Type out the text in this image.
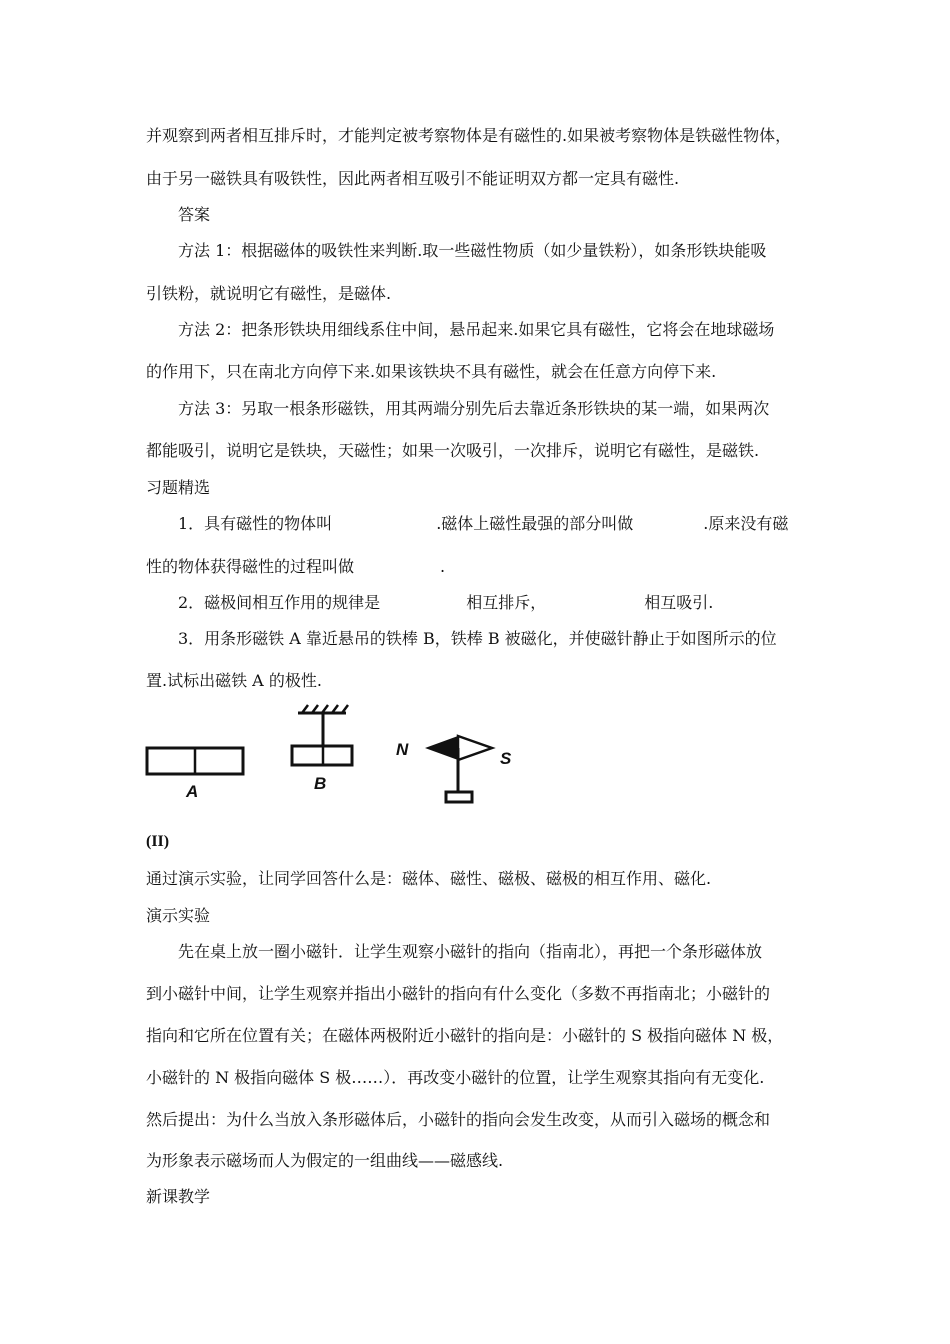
并观察到两者相互排斥时，才能判定被考察物体是有磁性的.如果被考察物体是铁磁性物体，

由于另一磁铁具有吸铁性，因此两者相互吸引不能证明双方都一定具有磁性.

答案

方法 1：根据磁体的吸铁性来判断.取一些磁性物质（如少量铁粉），如条形铁块能吸

引铁粉，就说明它有磁性，是磁体.

方法 2：把条形铁块用细线系住中间，悬吊起来.如果它具有磁性，它将会在地球磁场

的作用下，只在南北方向停下来.如果该铁块不具有磁性，就会在任意方向停下来.

方法 3：另取一根条形磁铁，用其两端分别先后去靠近条形铁块的某一端，如果两次

都能吸引，说明它是铁块，天磁性；如果一次吸引，一次排斥，说明它有磁性，是磁铁.

习题精选

1．具有磁性的物体叫	.磁体上磁性最强的部分叫做	.原来没有磁

性的物体获得磁性的过程叫做	.

2．磁极间相互作用的规律是	相互排斥，	相互吸引.

3．用条形磁铁 A 靠近悬吊的铁棒 B，铁棒 B 被磁化，并使磁针静止于如图所示的位

置.试标出磁铁 A 的极性.

A	B
N	S

(II)

通过演示实验，让同学回答什么是：磁体、磁性、磁极、磁极的相互作用、磁化.

演示实验

先在桌上放一圈小磁针．让学生观察小磁针的指向（指南北），再把一个条形磁体放

到小磁针中间，让学生观察并指出小磁针的指向有什么变化（多数不再指南北；小磁针的

指向和它所在位置有关；在磁体两极附近小磁针的指向是：小磁针的 S 极指向磁体 N 极，

小磁针的 N 极指向磁体 S 极……）．再改变小磁针的位置，让学生观察其指向有无变化.

然后提出：为什么当放入条形磁体后，小磁针的指向会发生改变，从而引入磁场的概念和

为形象表示磁场而人为假定的一组曲线——磁感线.

新课教学
